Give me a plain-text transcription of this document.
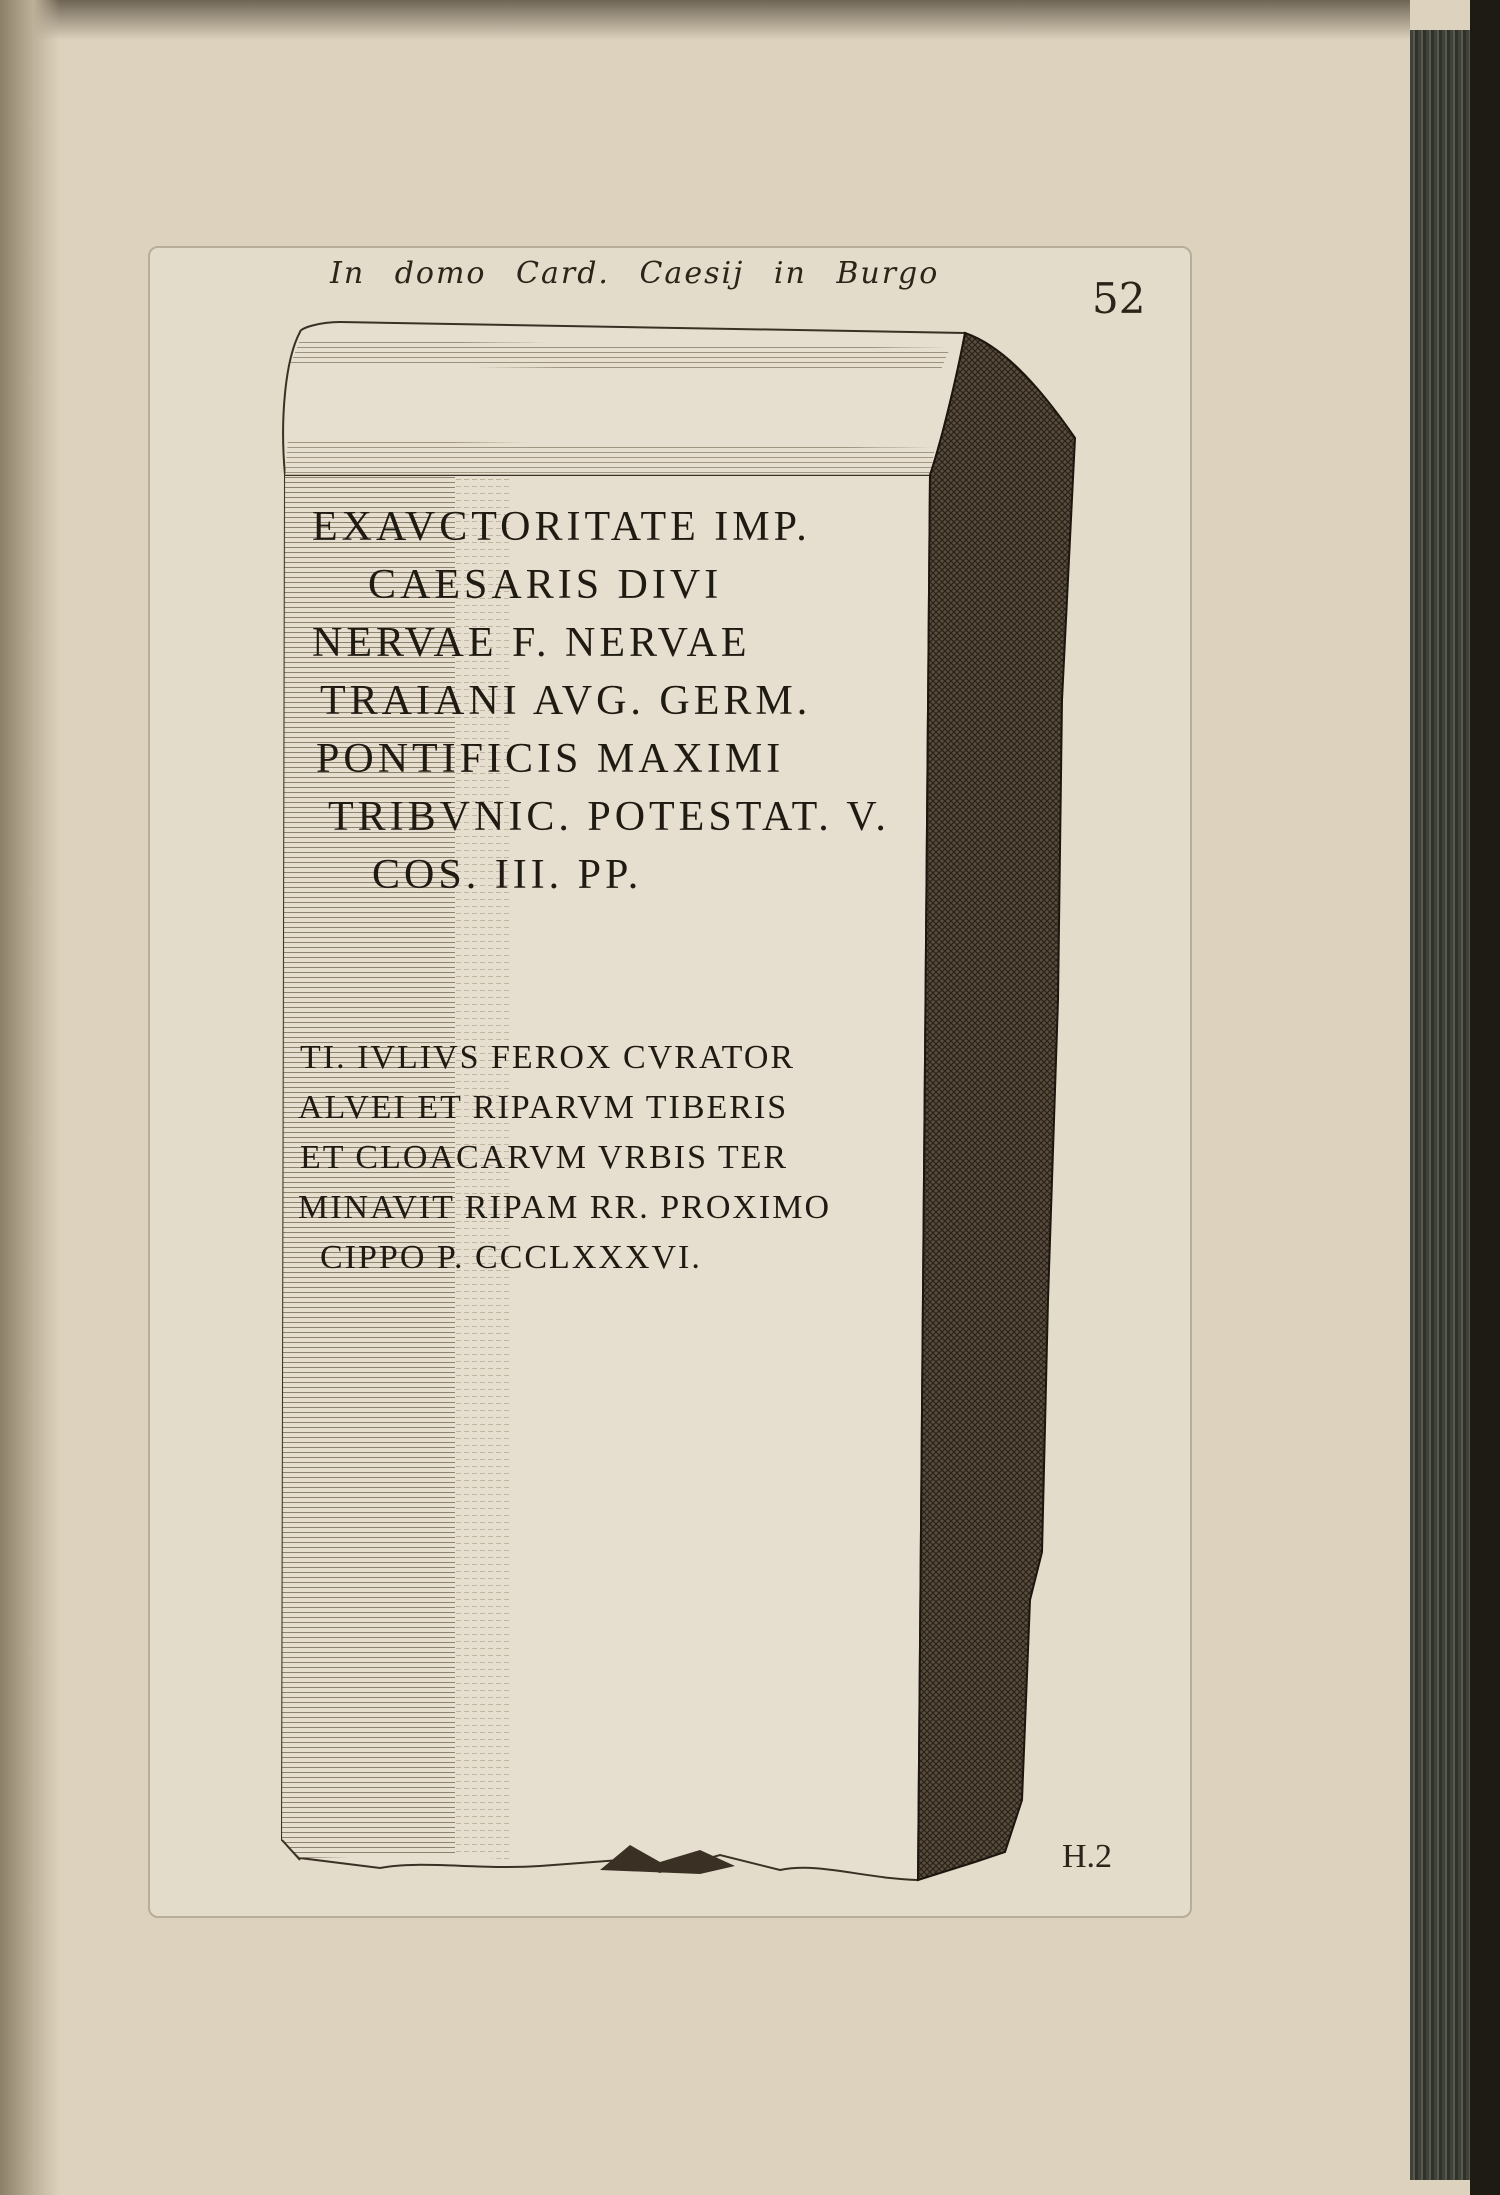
In domo Card. Caesij in Burgo
52
H.2
EXAVCTORITATE IMP.
CAESARIS DIVI
NERVAE F. NERVAE
TRAIANI AVG. GERM.
PONTIFICIS MAXIMI
TRIBVNIC. POTESTAT. V.
COS. III. PP.
TI. IVLIVS FEROX CVRATOR
ALVEI ET RIPARVM TIBERIS
ET CLOACARVM VRBIS TER
MINAVIT RIPAM RR. PROXIMO
CIPPO P. CCCLXXXVI.
